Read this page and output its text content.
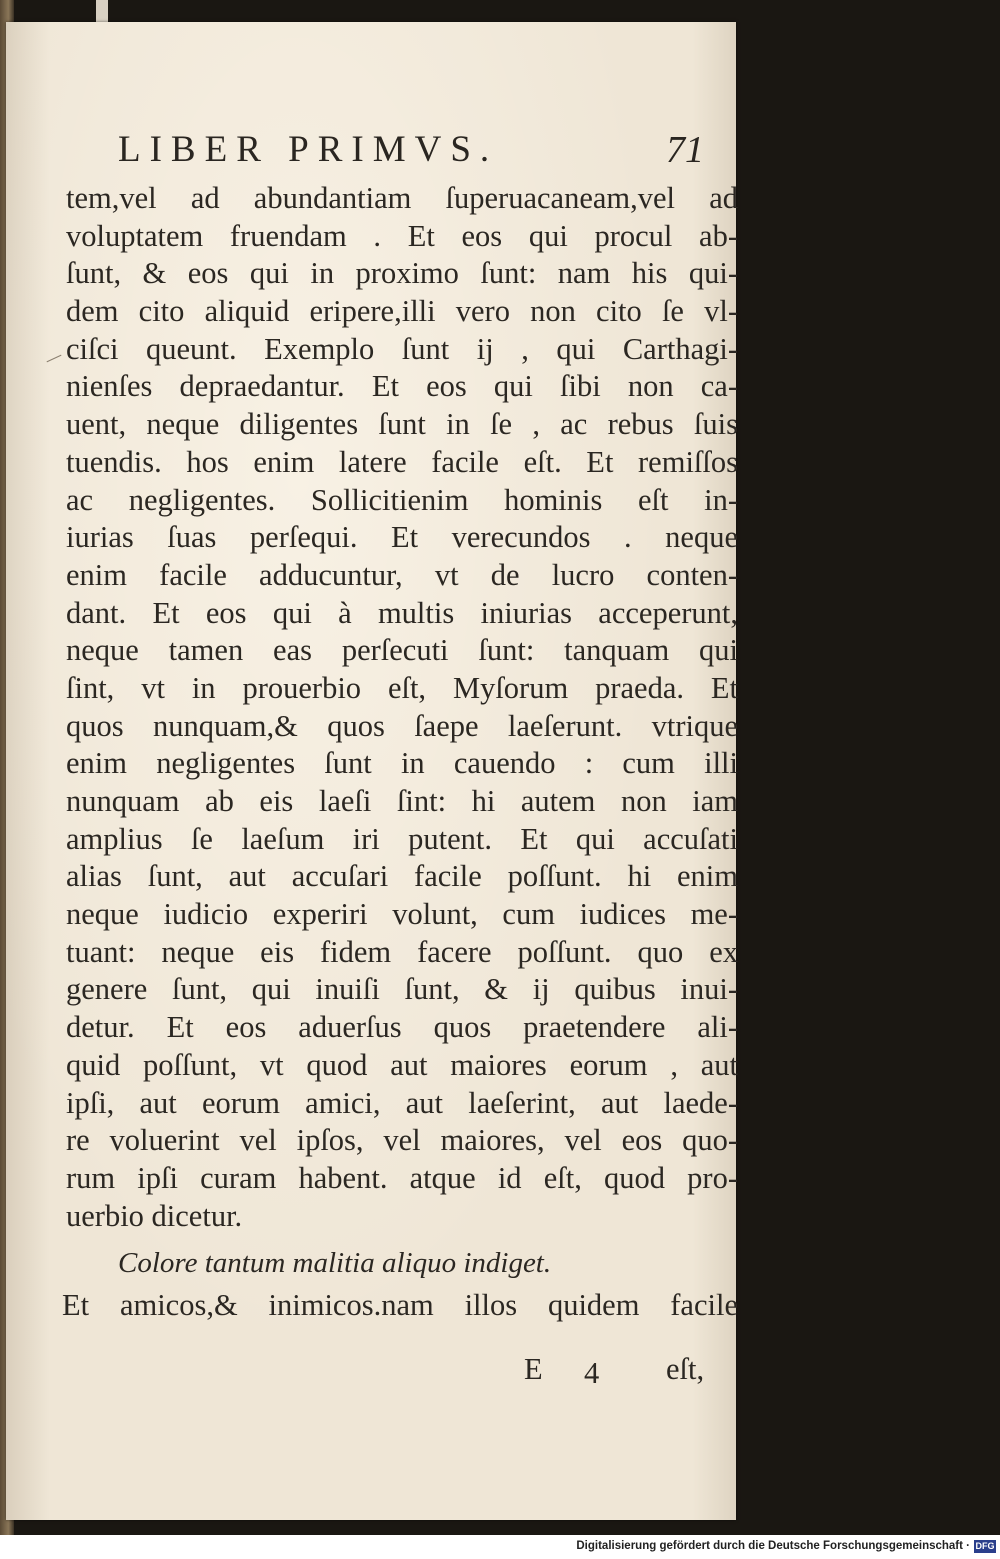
LIBER PRIMVS.	71
tem,vel ad abundantiam ſuperuacaneam,vel ad
voluptatem fruendam . Et eos qui procul ab-
ſunt, & eos qui in proximo ſunt: nam his qui-
dem cito aliquid eripere,illi vero non cito ſe vl-
ciſci queunt. Exemplo ſunt ij , qui Carthagi-
nienſes depraedantur. Et eos qui ſibi non ca-
uent, neque diligentes ſunt in ſe , ac rebus ſuis
tuendis. hos enim latere facile eſt. Et remiſſos
ac negligentes. Sollicitienim hominis eſt in-
iurias ſuas perſequi. Et verecundos . neque
enim facile adducuntur, vt de lucro conten-
dant. Et eos qui à multis iniurias acceperunt,
neque tamen eas perſecuti ſunt: tanquam qui
ſint, vt in prouerbio eſt, Myſorum praeda. Et
quos nunquam,& quos ſaepe laeſerunt. vtrique
enim negligentes ſunt in cauendo : cum illi
nunquam ab eis laeſi ſint: hi autem non iam
amplius ſe laeſum iri putent. Et qui accuſati
alias ſunt, aut accuſari facile poſſunt. hi enim
neque iudicio experiri volunt, cum iudices me-
tuant: neque eis fidem facere poſſunt. quo ex
genere ſunt, qui inuiſi ſunt, & ij quibus inui-
detur. Et eos aduerſus quos praetendere ali-
quid poſſunt, vt quod aut maiores eorum , aut
ipſi, aut eorum amici, aut laeſerint, aut laede-
re voluerint vel ipſos, vel maiores, vel eos quo-
rum ipſi curam habent. atque id eſt, quod pro-
uerbio dicetur.
Colore tantum malitia aliquo indiget.
Et amicos,& inimicos.nam illos quidem facile
E 4 eſt,
Digitalisierung gefördert durch die Deutsche Forschungsgemeinschaft · DFG
